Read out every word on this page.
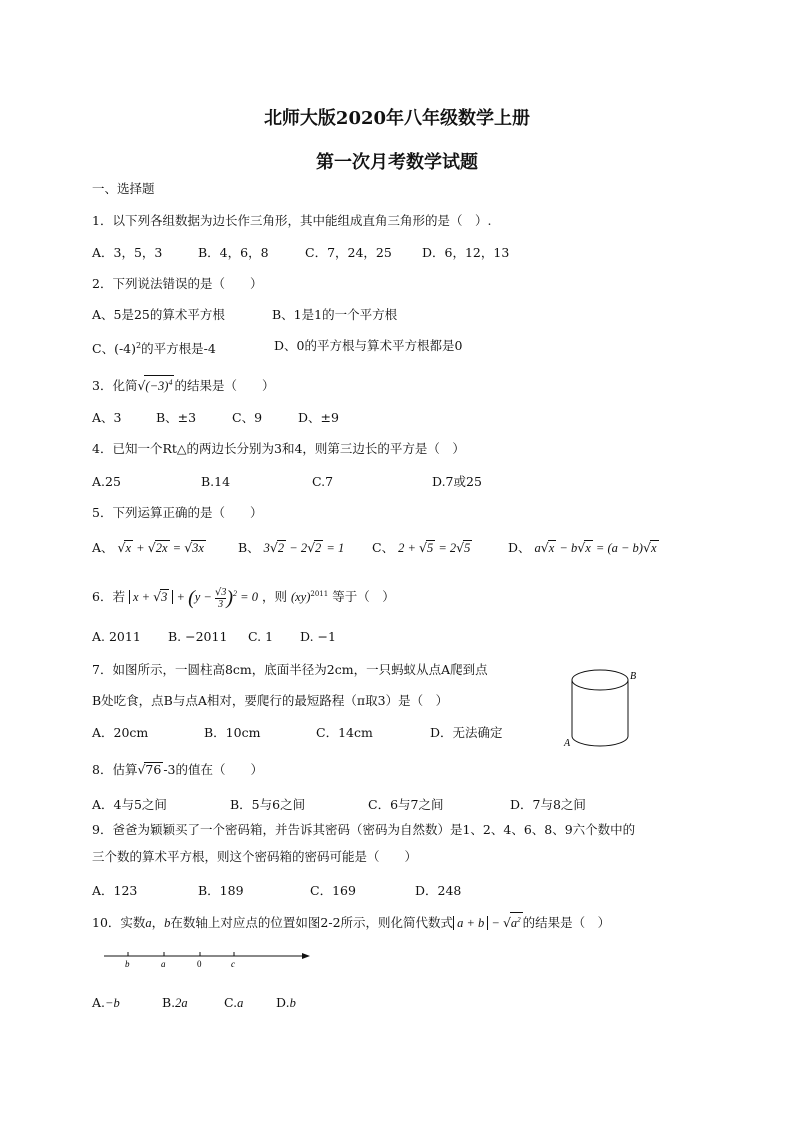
北师大版2020年八年级数学上册
第一次月考数学试题
一、选择题
1．以下列各组数据为边长作三角形，其中能组成直角三角形的是（　）.
A．3，5，3	B．4，6，8	C．7，24，25 D．6，12，13
2．下列说法错误的是（　　）
A、5是25的算术平方根	B、1是1的一个平方根
C、$(-4)^2$的平方根是-4	D、0的平方根与算术平方根都是0
3．化简$√(-3)^4$ 的结果是（　　）
A、3	B、±3	C、9	D、±9
4．已知一个Rt△的两边长分别为3和4，则第三边长的平方是（　）
A.25	B.14	C.7	D.7或25
5．下列运算正确的是（　　）
A、 √x + √2x = √3x	B、 3√2 − 2√2 = 1 C、 2 + √5 = 2√5	D、 a√x − b√x = (a − b)√x
6．若 $x + √3 + (y - \frac{√3}{3} )^2 = 0$ ，则 (xy)$^{2011}$ 等于（　）
A. 2011 B. −2011 C. 1 D. −1
7．如图所示，一圆柱高8cm，底面半径为2cm，一只蚂蚁从点A爬到点
B处吃食，点B与点A相对，要爬行的最短路程（π取3）是（　）
A．20cm	B．10cm	C．14cm	D．无法确定
B
A
8．估算√76 -3的值在（　　）
A．4与5之间	B．5与6之间	C．6与7之间	D．7与8之间
9．爸爸为颖颖买了一个密码箱，并告诉其密码（密码为自然数）是1、2、4、6、8、9六个数中的
三个数的算术平方根，则这个密码箱的密码可能是（　　）
A．123	B．189	C．169	D．248
10．实数a，b在数轴上对应点的位置如图2-2所示，则化简代数式 $a + b - √a^2$ 的结果是（　）
b	a	0	c
A.−b	B.2a	C.a	D.b
